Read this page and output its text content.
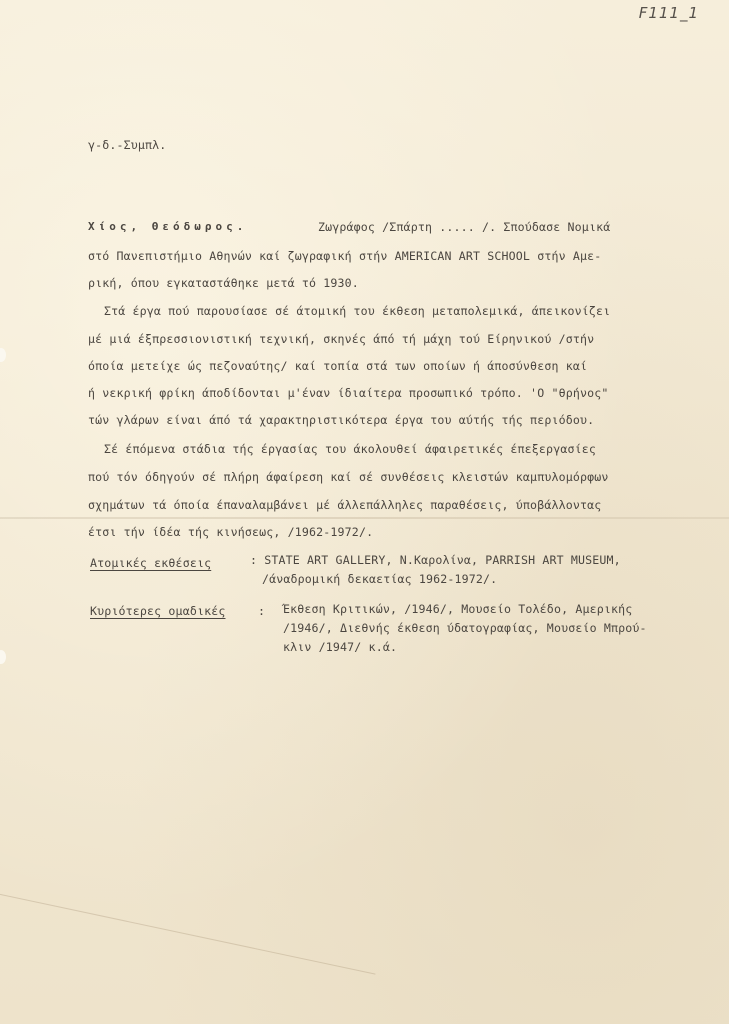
F111_1
γ-δ.-Συμπλ.
Χίος, Θεόδωρος.	Ζωγράφος /Σπάρτη ..... /. Σπούδασε Νομικά
στό Πανεπιστήμιο Αθηνών καί ζωγραφική στήν AMERICAN ART SCHOOL στήν Αμε-
ρική, όπου εγκαταστάθηκε μετά τό 1930.
Στά έργα πού παρουσίασε σέ άτομική του έκθεση μεταπολεμικά, άπεικονίζει
μέ μιά έξπρεσσιονιστική τεχνική, σκηνές άπό τή μάχη τού Είρηνικού /στήν
όποία μετείχε ώς πεζοναύτης/ καί τοπία στά των οποίων ή άποσύνθεση καί
ή νεκρική φρίκη άποδίδονται μ'έναν ίδιαίτερα προσωπικό τρόπο. 'Ο "θρήνος"
τών γλάρων είναι άπό τά χαρακτηριστικότερα έργα του αύτής τής περιόδου.
Σέ έπόμενα στάδια τής έργασίας του άκολουθεί άφαιρετικές έπεξεργασίες
πού τόν όδηγούν σέ πλήρη άφαίρεση καί σέ συνθέσεις κλειστών καμπυλομόρφων
σχημάτων τά όποία έπαναλαμβάνει μέ άλλεπάλληλες παραθέσεις, ύποβάλλοντας
έτσι τήν ίδέα τής κινήσεως, /1962-1972/.
Ατομικές εκθέσεις	: STATE ART GALLERY, Ν.Καρολίνα, PARRISH ART MUSEUM,
/άναδρομική δεκαετίας 1962-1972/.
Κυριότερες ομαδικές	: Έκθεση Κριτικών, /1946/, Μουσείο Τολέδο, Αμερικής
/1946/, Διεθνής έκθεση ύδατογραφίας, Μουσείο Μπρού-
κλιν /1947/ κ.ά.
